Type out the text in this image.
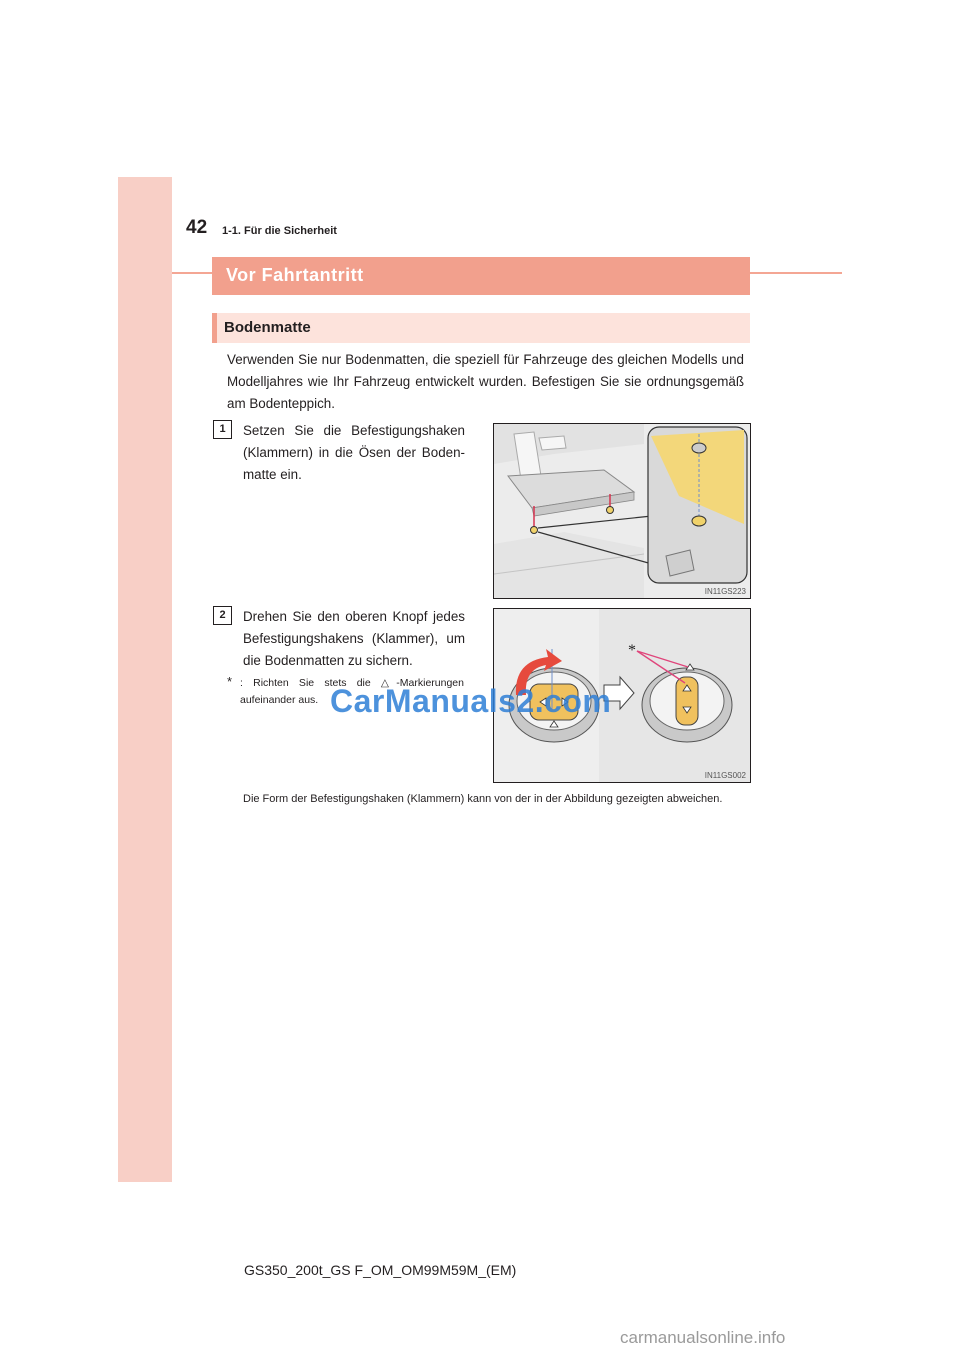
42 1-1. Für die Sicherheit
Vor Fahrtantritt
Bodenmatte

Verwenden Sie nur Bodenmatten, die speziell für Fahrzeuge des gleichen Modells und Modelljahres wie Ihr Fahrzeug entwickelt wurden. Befestigen Sie sie ordnungsgemäß am Bodenteppich.

1	Setzen Sie die Befestigungshaken (Klammern) in die Ösen der Boden-matte ein.

IN11GS223
2	Drehen Sie den oberen Knopf jedes Befestigungshakens (Klammer), um die Bodenmatten zu sichern.

* : Richten Sie stets die △-Markierungen aufeinander aus.
*
IN11GS002
CarManuals2.com

Die Form der Befestigungshaken (Klammern) kann von der in der Abbildung gezeigten abweichen.

GS350_200t_GS F_OM_OM99M59M_(EM)
carmanualsonline.info
